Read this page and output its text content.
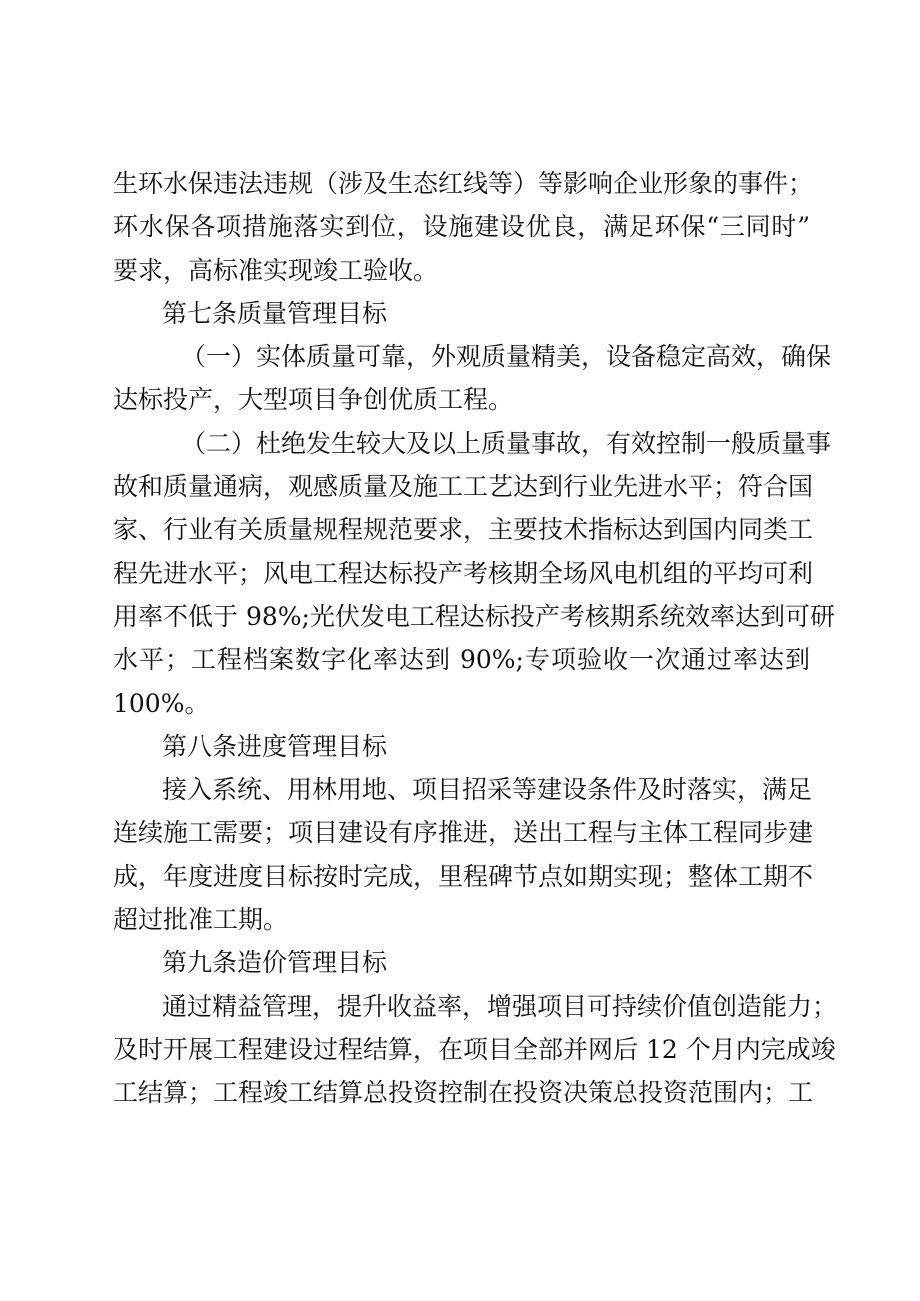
生环水保违法违规（涉及生态红线等）等影响企业形象的事件；
环水保各项措施落实到位，设施建设优良，满足环保“三同时”
要求，高标准实现竣工验收。
第七条质量管理目标
（一）实体质量可靠，外观质量精美，设备稳定高效，确保
达标投产，大型项目争创优质工程。
（二）杜绝发生较大及以上质量事故，有效控制一般质量事
故和质量通病，观感质量及施工工艺达到行业先进水平；符合国
家、行业有关质量规程规范要求，主要技术指标达到国内同类工
程先进水平；风电工程达标投产考核期全场风电机组的平均可利
用率不低于 98%;光伏发电工程达标投产考核期系统效率达到可研
水平；工程档案数字化率达到 90%;专项验收一次通过率达到
100%。
第八条进度管理目标
接入系统、用林用地、项目招采等建设条件及时落实，满足
连续施工需要；项目建设有序推进，送出工程与主体工程同步建
成，年度进度目标按时完成，里程碑节点如期实现；整体工期不
超过批准工期。
第九条造价管理目标
通过精益管理，提升收益率，增强项目可持续价值创造能力；
及时开展工程建设过程结算，在项目全部并网后 12 个月内完成竣
工结算；工程竣工结算总投资控制在投资决策总投资范围内；工
